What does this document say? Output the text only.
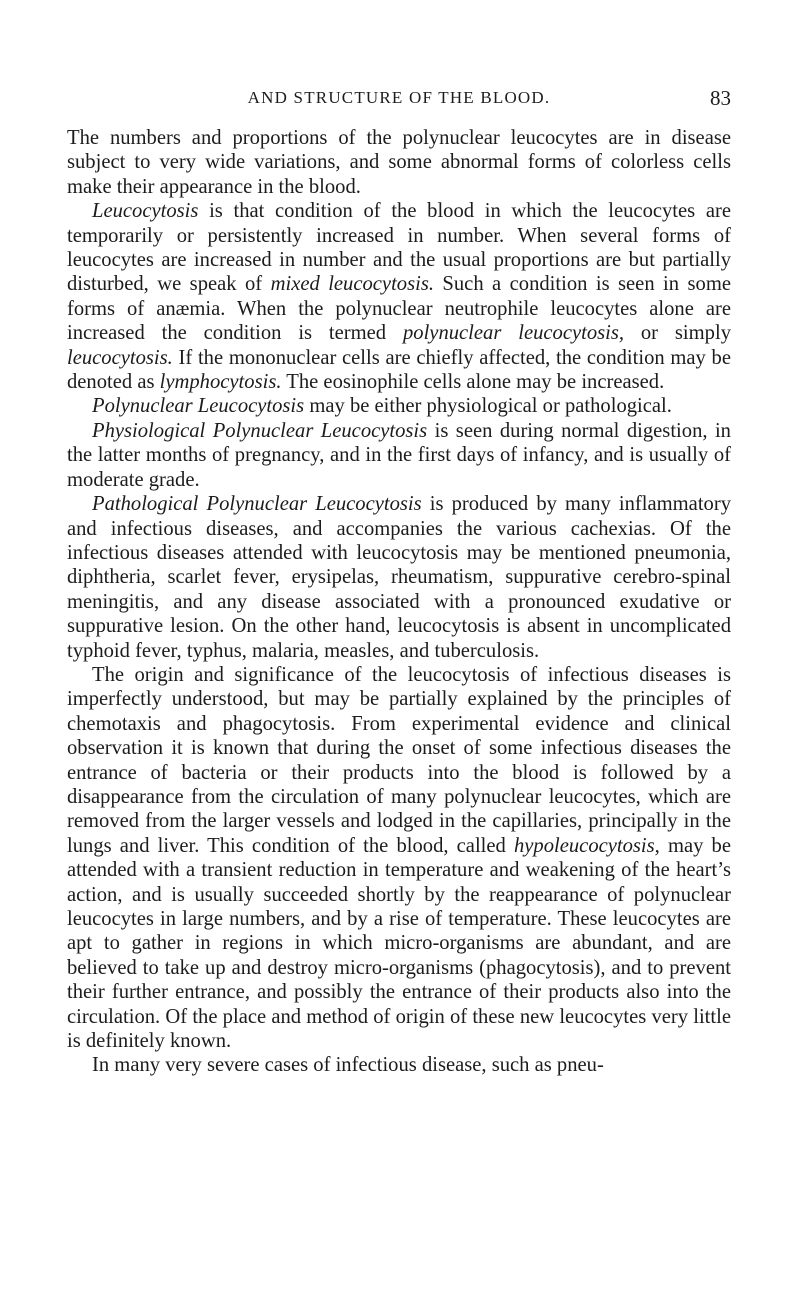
AND STRUCTURE OF THE BLOOD.	83

The numbers and proportions of the polynuclear leucocytes are in disease subject to very wide variations, and some abnormal forms of colorless cells make their appearance in the blood.

Leucocytosis is that condition of the blood in which the leucocytes are temporarily or persistently increased in number. When several forms of leucocytes are increased in number and the usual proportions are but partially disturbed, we speak of mixed leucocytosis. Such a condition is seen in some forms of anæmia. When the polynuclear neutrophile leucocytes alone are increased the condition is termed polynuclear leucocytosis, or simply leucocytosis. If the mononuclear cells are chiefly affected, the condition may be denoted as lymphocytosis. The eosinophile cells alone may be increased.

Polynuclear Leucocytosis may be either physiological or pathological.

Physiological Polynuclear Leucocytosis is seen during normal digestion, in the latter months of pregnancy, and in the first days of infancy, and is usually of moderate grade.

Pathological Polynuclear Leucocytosis is produced by many inflammatory and infectious diseases, and accompanies the various cachexias. Of the infectious diseases attended with leucocytosis may be mentioned pneumonia, diphtheria, scarlet fever, erysipelas, rheumatism, suppurative cerebro-spinal meningitis, and any disease associated with a pronounced exudative or suppurative lesion. On the other hand, leucocytosis is absent in uncomplicated typhoid fever, typhus, malaria, measles, and tuberculosis.

The origin and significance of the leucocytosis of infectious diseases is imperfectly understood, but may be partially explained by the principles of chemotaxis and phagocytosis. From experimental evidence and clinical observation it is known that during the onset of some infectious diseases the entrance of bacteria or their products into the blood is followed by a disappearance from the circulation of many polynuclear leucocytes, which are removed from the larger vessels and lodged in the capillaries, principally in the lungs and liver. This condition of the blood, called hypoleucocytosis, may be attended with a transient reduction in temperature and weakening of the heart’s action, and is usually succeeded shortly by the reappearance of polynuclear leucocytes in large numbers, and by a rise of temperature. These leucocytes are apt to gather in regions in which micro-organisms are abundant, and are believed to take up and destroy micro-organisms (phagocytosis), and to prevent their further entrance, and possibly the entrance of their products also into the circulation. Of the place and method of origin of these new leucocytes very little is definitely known.

In many very severe cases of infectious disease, such as pneu-
